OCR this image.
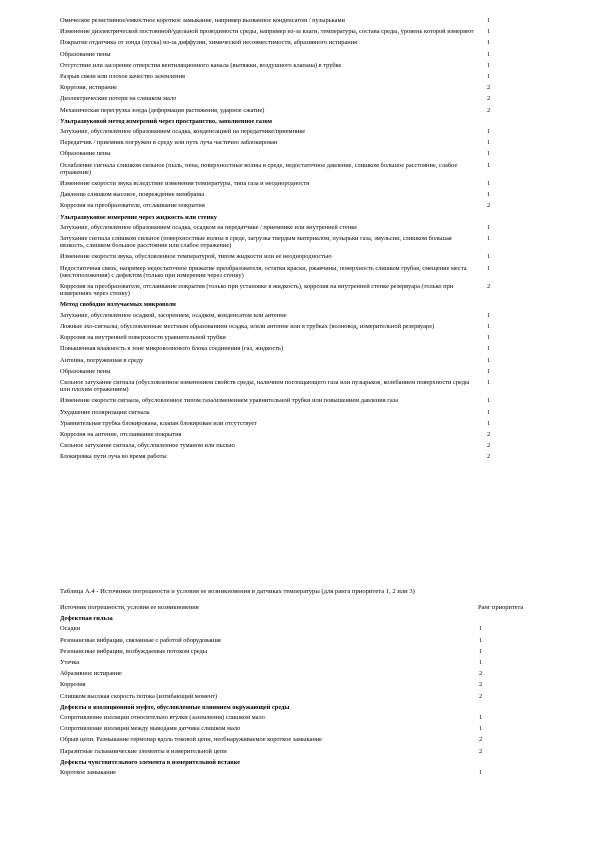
Омическое резистивное/емкостное короткое замыкание, например вызванное конденсатом / пузырьками	1
Изменение диэлектрической постоянной/удельной проводимости среды, например из-за влаги, температуры, состава среды, уровень которой измеряют 1
Покрытие отдатчика от зонда (пуска) из-за диффузии, химической несовместимости, абразивного истирания	1
Образование пены	1
Отсутствие или засорение отверстия вентиляционного канала (вытяжки, воздушного клапана) в трубке	1
Разрыв связи или плохое качество заземления	1
Коррозия, истирание	2
Диэлектрические потери на слишком мало	2
Механическая перегрузка зонда (деформация растяжения, ударное сжатие)	2
Ультразвуковой метод измерений через пространство, заполненное газом
Затухание, обусловленное образованием осадка, конденсацией на передатчике/приемнике	1
Передатчик / приемник погружен в среду или путь луча частично заблокирован	1
Образование пены	1
Ослабление сигнала слишком сильное (пыль, пена, поверхностные волны в среде, недостаточное давление, слишком большое расстояние, слабое отражение)
1
Изменение скорости звука вследствие изменения температуры, типа газа и неоднородности	1
Давление слишком высокое, повреждение мембраны	1
Коррозия на преобразователе, отслаивание покрытия	2
Ультразвуковое измерение через жидкость или стенку
Затухание, обусловленное образованием осадка, осадком на передатчике / приемнике или внутренней стенке	1
Затухание сигнала слишком сильное (поверхностные волны в среде, загрузка твердым материалом, пузырьки газа, эмульсии, слишком большая вязкость, слишком большое расстояние или слабое отражение)
1
Изменение скорости звука, обусловленное температурой, типом жидкости или ее неоднородностью	1
Недостаточная связь, например недостаточное прижатие преобразователя, остатки краски, ржавчины, поверхность слишком грубая, смещение места (местоположения) с дефектом (только при измерении через стенку)
1
Коррозия на преобразователе, отслаивание покрытия (только при установке в жидкость), коррозия на внутренней стенке резервуара (только при измерениях через стенку)
2
Метод свободно излучаемых микроволн
Затухание, обусловленное осадкой, засорением, осадком, конденсатом или антенне	1
Ложные эхо-сигналы, обусловленные местным образованием осадка, и/или антенне или в трубках (волновод, измерительной резервуаре)	1
Коррозия на внутренней поверхности уравнительной трубки	1
Повышенная влажность в зоне микроволнового блока соединения (газ, жидкость)	1
Антенна, погруженная в среду	1
Образование пены	1
Сильное затухание сигнала (обусловленное изменением свойств среды, наличием поглощающего газа или пузырьков, колебанием поверхности среды или плохим отражением)
1
Изменение скорости сигнала, обусловленное типом газа/изменением уравнительной трубки или повышением давления газа	1
Ухудшение поляризации сигнала	1
Уравнительная трубка блокирована, клапан блокирован или отсутствует	1
Коррозия на антенне, отслаивание покрытия	2
Сильное затухание сигнала, обусловленное туманом или пылью	2
Блокировка пути луча во время работы	2
Таблица А.4 - Источники погрешности и условия ее возникновения в датчиках температуры (для ранга приоритета 1, 2 или 3)
Источник погрешности, условия ее возникновения	Ранг приоритета
Дефектная гильза
Осадки	1
Резонансные вибрации, связанные с работой оборудования	1
Резонансные вибрации, возбуждаемые потоком среды	1
Утечка	1
Абразивное истирание	2
Коррозия	2
Слишком высокая скорость потока (изгибающий момент)	2
Дефекты в изоляционной муфте, обусловленные влиянием окружающей среды
Сопротивление изоляции относительно втулки (заземления) слишком мало	1
Сопротивление изоляции между выводами датчика слишком мало	1
Обрыв цепи. Размыкание термопар вдоль токовой цепи, необнаруживаемое короткое замыкание	2
Паразитные гальванические элементы в измерительной цепи	2
Дефекты чувствительного элемента в измерительной вставке
Короткое замыкание	1
